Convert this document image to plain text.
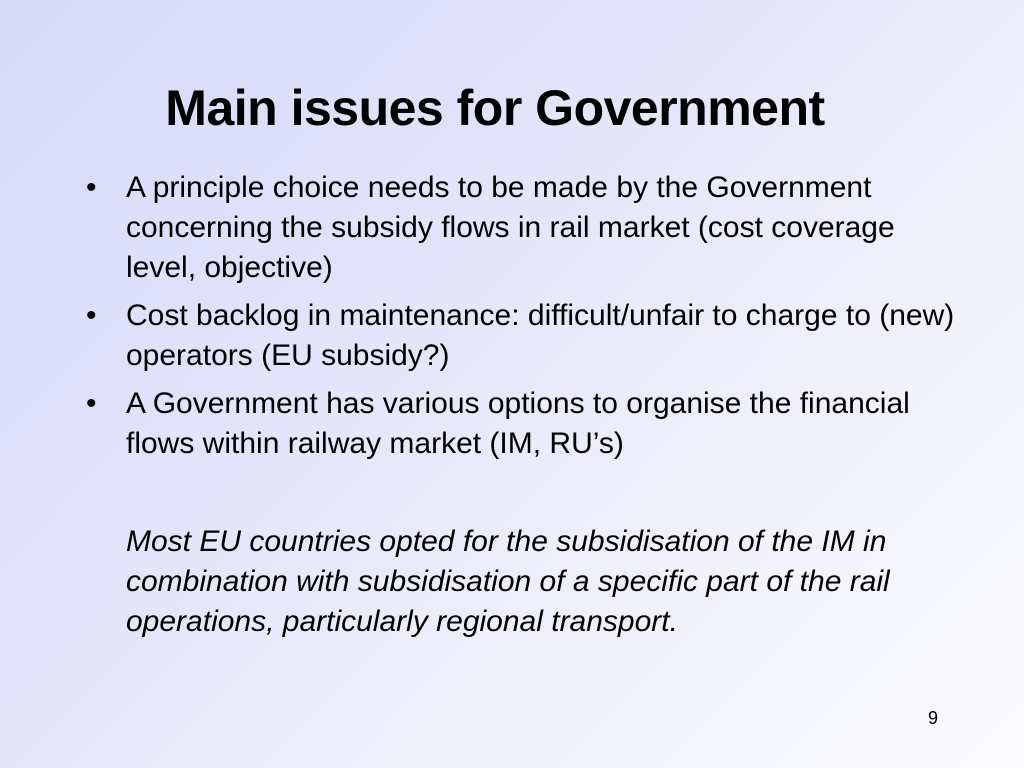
Main issues for Government
• A principle choice needs to be made by the Government concerning the subsidy flows in rail market (cost coverage level, objective)
• Cost backlog in maintenance: difficult/unfair to charge to (new) operators (EU subsidy?)
• A Government has various options to organise the financial flows within railway market (IM, RU’s)
Most EU countries opted for the subsidisation of the IM in combination with subsidisation of a specific part of the rail operations, particularly regional transport.
9
